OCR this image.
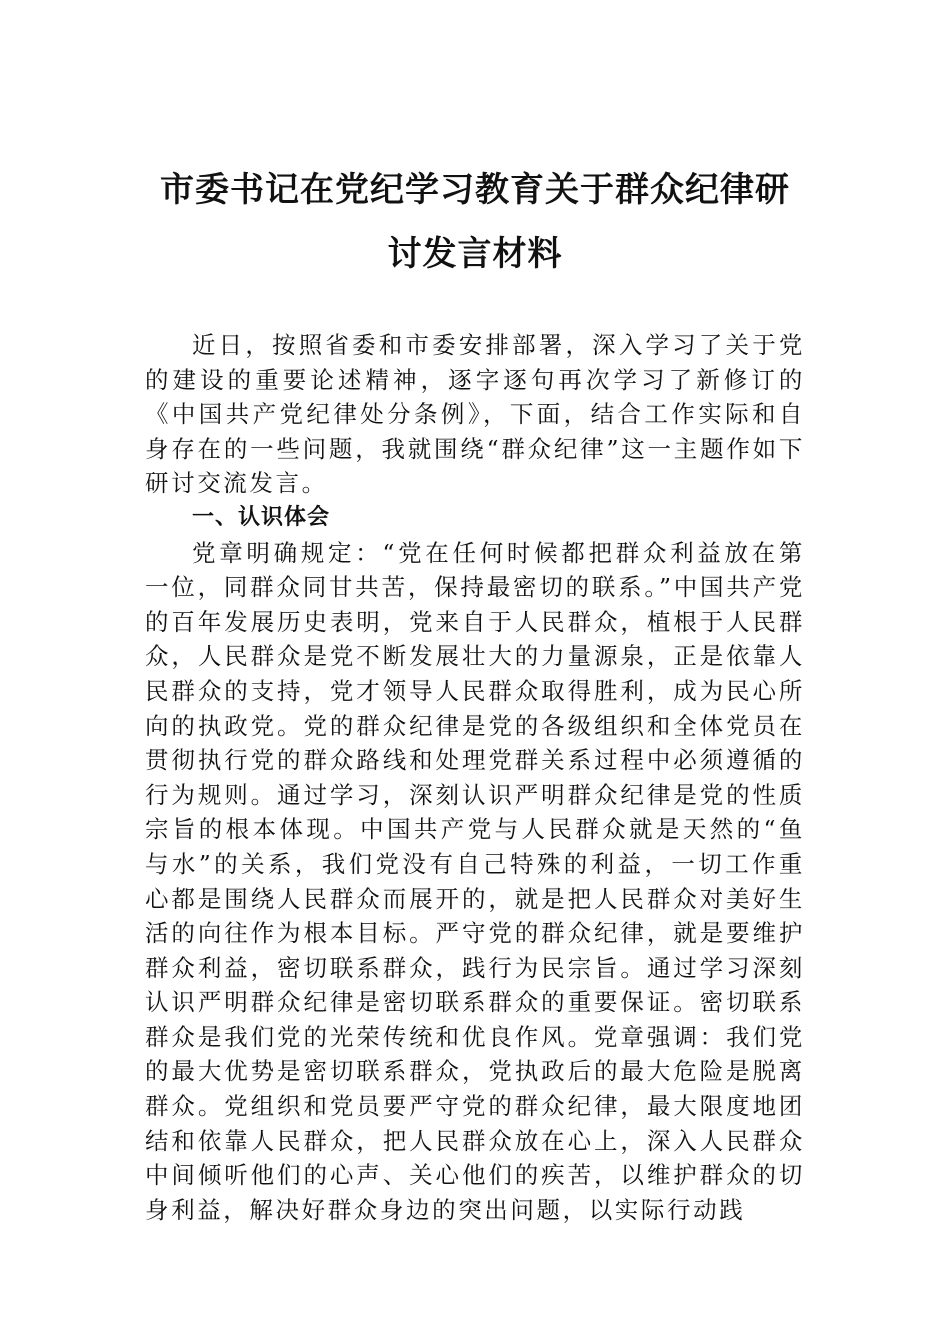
市委书记在党纪学习教育关于群众纪律研
讨发言材料

近日，按照省委和市委安排部署，深入学习了关于党的建设的重要论述精神，逐字逐句再次学习了新修订的《中国共产党纪律处分条例》，下面，结合工作实际和自身存在的一些问题，我就围绕“群众纪律”这一主题作如下研讨交流发言。

一、认识体会

党章明确规定：“党在任何时候都把群众利益放在第一位，同群众同甘共苦，保持最密切的联系。”中国共产党的百年发展历史表明，党来自于人民群众，植根于人民群众，人民群众是党不断发展壮大的力量源泉，正是依靠人民群众的支持，党才领导人民群众取得胜利，成为民心所向的执政党。党的群众纪律是党的各级组织和全体党员在贯彻执行党的群众路线和处理党群关系过程中必须遵循的行为规则。通过学习，深刻认识严明群众纪律是党的性质宗旨的根本体现。中国共产党与人民群众就是天然的“鱼与水”的关系，我们党没有自己特殊的利益，一切工作重心都是围绕人民群众而展开的，就是把人民群众对美好生活的向往作为根本目标。严守党的群众纪律，就是要维护群众利益，密切联系群众，践行为民宗旨。通过学习深刻认识严明群众纪律是密切联系群众的重要保证。密切联系群众是我们党的光荣传统和优良作风。党章强调：我们党的最大优势是密切联系群众，党执政后的最大危险是脱离群众。党组织和党员要严守党的群众纪律，最大限度地团结和依靠人民群众，把人民群众放在心上，深入人民群众中间倾听他们的心声、关心他们的疾苦，以维护群众的切身利益，解决好群众身边的突出问题，以实际行动践
